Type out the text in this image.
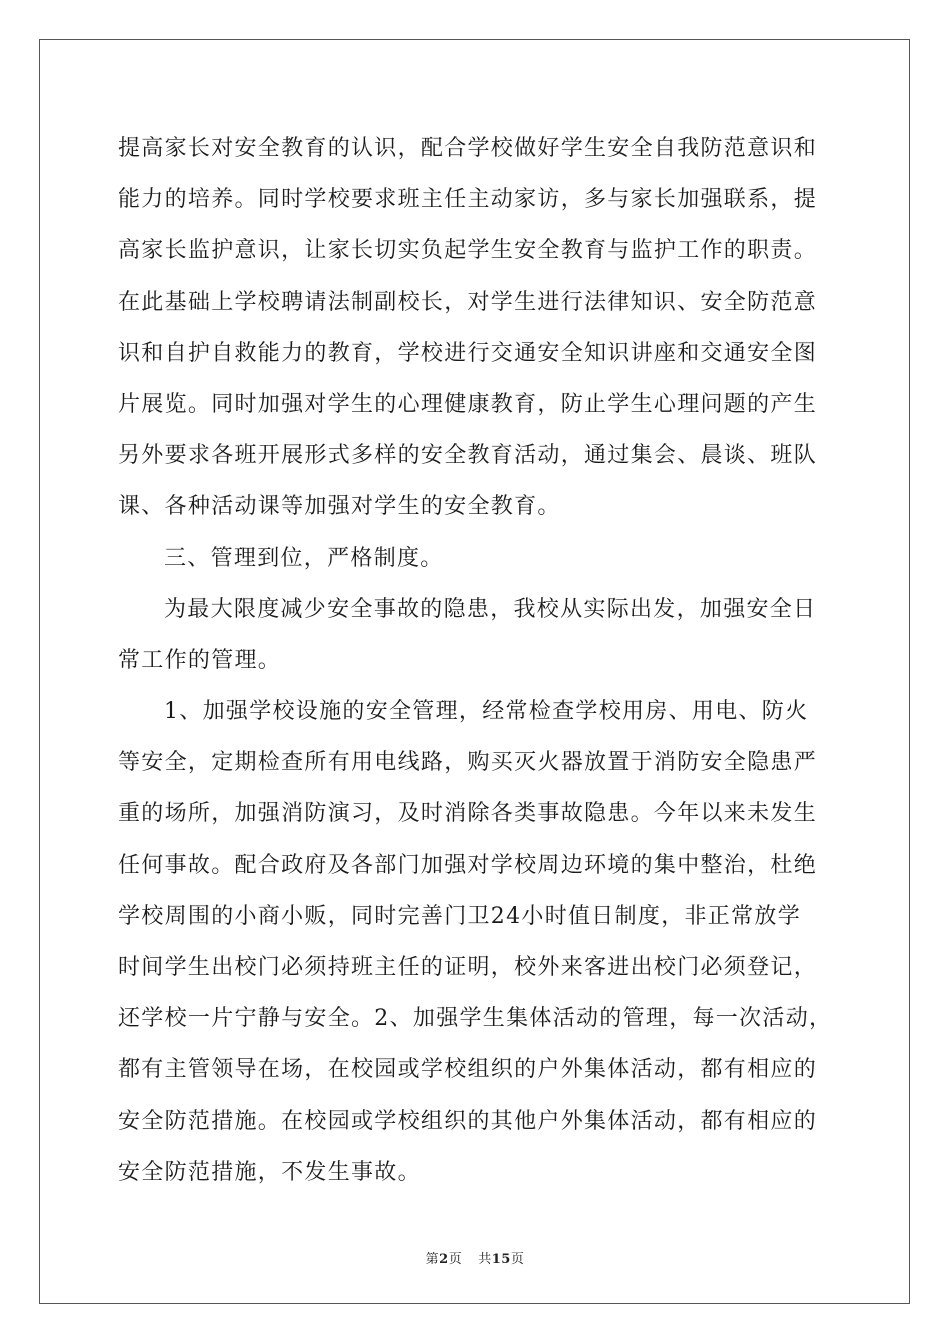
提高家长对安全教育的认识，配合学校做好学生安全自我防范意识和
能力的培养。同时学校要求班主任主动家访，多与家长加强联系，提
高家长监护意识，让家长切实负起学生安全教育与监护工作的职责。
在此基础上学校聘请法制副校长，对学生进行法律知识、安全防范意
识和自护自救能力的教育，学校进行交通安全知识讲座和交通安全图
片展览。同时加强对学生的心理健康教育，防止学生心理问题的产生
另外要求各班开展形式多样的安全教育活动，通过集会、晨谈、班队
课、各种活动课等加强对学生的安全教育。
三、管理到位，严格制度。
为最大限度减少安全事故的隐患，我校从实际出发，加强安全日
常工作的管理。
1、加强学校设施的安全管理，经常检查学校用房、用电、防火
等安全，定期检查所有用电线路，购买灭火器放置于消防安全隐患严
重的场所，加强消防演习，及时消除各类事故隐患。今年以来未发生
任何事故。配合政府及各部门加强对学校周边环境的集中整治，杜绝
学校周围的小商小贩，同时完善门卫24小时值日制度，非正常放学
时间学生出校门必须持班主任的证明，校外来客进出校门必须登记，
还学校一片宁静与安全。2、加强学生集体活动的管理，每一次活动，
都有主管领导在场，在校园或学校组织的户外集体活动，都有相应的
安全防范措施。在校园或学校组织的其他户外集体活动，都有相应的
安全防范措施，不发生事故。
第2页 共15页
